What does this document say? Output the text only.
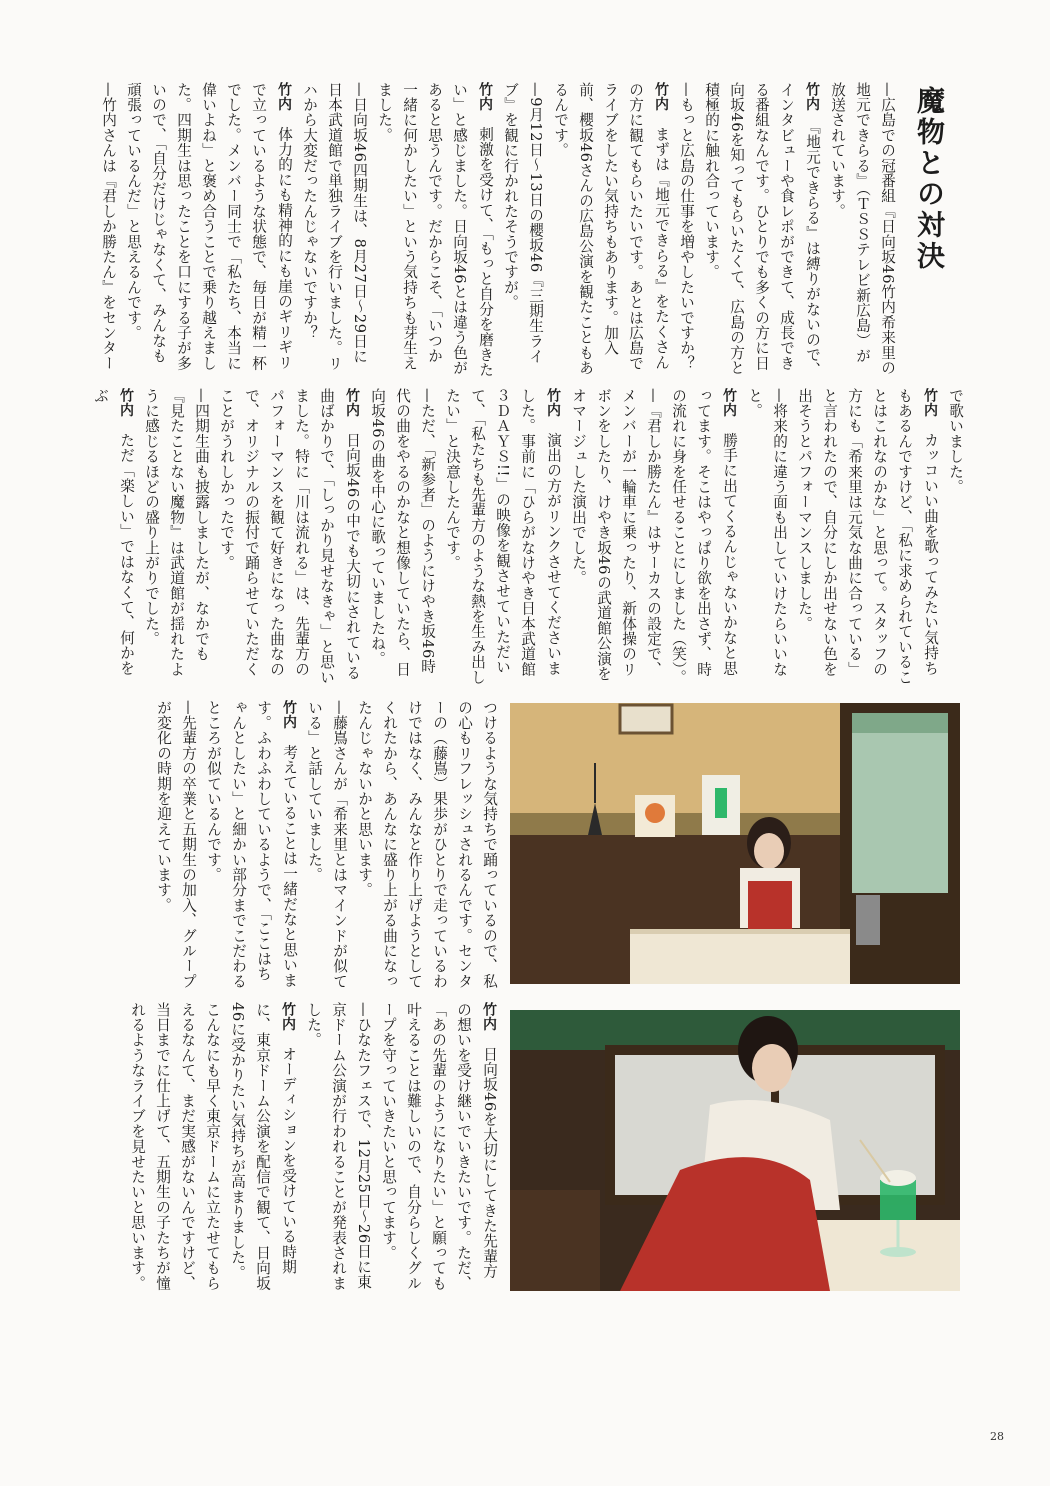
魔物との対決

—広島での冠番組『日向坂46竹内希来里の地元できらる』（ＴＳＳテレビ新広島）が放送されています。

竹内　『地元できらる』は縛りがないので、インタビューや食レポができて、成長できる番組なんです。ひとりでも多くの方に日向坂46を知ってもらいたくて、広島の方と積極的に触れ合っています。

—もっと広島の仕事を増やしたいですか？

竹内　まずは『地元できらる』をたくさんの方に観てもらいたいです。あとは広島でライブをしたい気持ちもあります。加入前、櫻坂46さんの広島公演を観たこともあるんです。

—9月12日〜13日の櫻坂46『三期生ライブ』を観に行かれたそうですが。

竹内　刺激を受けて、「もっと自分を磨きたい」と感じました。日向坂46とは違う色があると思うんです。だからこそ、「いつか一緒に何かしたい」という気持ちも芽生えました。

—日向坂46四期生は、8月27日〜29日に日本武道館で単独ライブを行いました。リハから大変だったんじゃないですか？

竹内　体力的にも精神的にも崖のギリギリで立っているような状態で、毎日が精一杯でした。メンバー同士で「私たち、本当に偉いよね」と褒め合うことで乗り越えました。四期生は思ったことを口にする子が多いので、「自分だけじゃなくて、みんなも頑張っているんだ」と思えるんです。

—竹内さんは『君しか勝たん』をセンター

で歌いました。

竹内　カッコいい曲を歌ってみたい気持ちもあるんですけど、「私に求められていることはこれなのかな」と思って。スタッフの方にも「希来里は元気な曲に合っている」と言われたので、自分にしか出せない色を出そうとパフォーマンスしました。

—将来的に違う面も出していけたらいいなと。

竹内　勝手に出てくるんじゃないかなと思ってます。そこはやっぱり欲を出さず、時の流れに身を任せることにしました（笑）。

—『君しか勝たん』はサーカスの設定で、メンバーが一輪車に乗ったり、新体操のリボンをしたり、けやき坂46の武道館公演をオマージュした演出でした。

竹内　演出の方がリンクさせてくださいました。事前に「ひらがなけやき日本武道館３ＤＡＹＳ!!」の映像を観させていただいて、「私たちも先輩方のような熱を生み出したい」と決意したんです。

—ただ、「新参者」のようにけやき坂46時代の曲をやるのかなと想像していたら、日向坂46の曲を中心に歌っていましたね。

竹内　日向坂46の中でも大切にされている曲ばかりで、「しっかり見せなきゃ」と思いました。特に「川は流れる」は、先輩方のパフォーマンスを観て好きになった曲なので、オリジナルの振付で踊らせていただくことがうれしかったです。

—四期生曲も披露しましたが、なかでも『見たことない魔物』は武道館が揺れたように感じるほどの盛り上がりでした。

竹内　ただ「楽しい」ではなくて、何かをぶ

つけるような気持ちで踊っているので、私の心もリフレッシュされるんです。センターの（藤嶌）果歩がひとりで走っているわけではなく、みんなと作り上げようとしてくれたから、あんなに盛り上がる曲になったんじゃないかと思います。

—藤嶌さんが「希来里とはマインドが似ている」と話していました。

竹内　考えていることは一緒だなと思います。ふわふわしているようで、「ここはちゃんとしたい」と細かい部分までこだわるところが似ているんです。

—先輩方の卒業と五期生の加入、グループが変化の時期を迎えています。

竹内　日向坂46を大切にしてきた先輩方の想いを受け継いでいきたいです。ただ、「あの先輩のようになりたい」と願っても叶えることは難しいので、自分らしくグループを守っていきたいと思ってます。

—ひなたフェスで、12月25日〜26日に東京ドーム公演が行われることが発表されました。

竹内　オーディションを受けている時期に、東京ドーム公演を配信で観て、日向坂46に受かりたい気持ちが高まりました。こんなにも早く東京ドームに立たせてもらえるなんて、まだ実感がないんですけど、当日までに仕上げて、五期生の子たちが憧れるようなライブを見せたいと思います。

28
